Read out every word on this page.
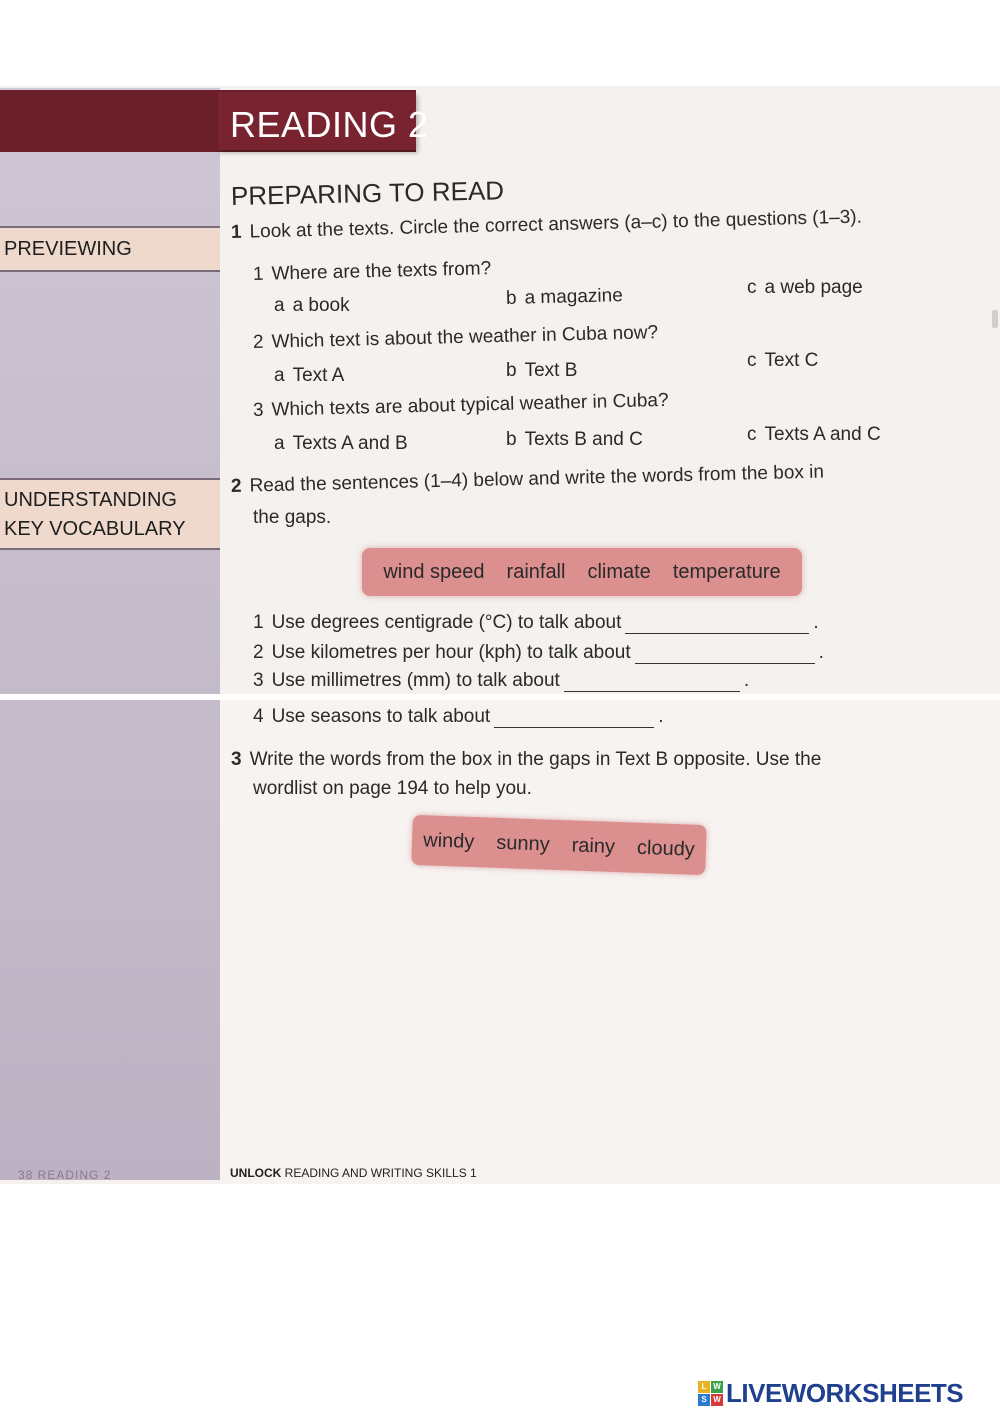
READING 2
PREPARING TO READ
PREVIEWING
UNDERSTANDING
KEY VOCABULARY
1 Look at the texts. Circle the correct answers (a–c) to the questions (1–3).
1 Where are the texts from?
a a book	b a magazine	c a web page
2 Which text is about the weather in Cuba now?
a Text A	b Text B	c Text C
3 Which texts are about typical weather in Cuba?
a Texts A and B	b Texts B and C	c Texts A and C
2 Read the sentences (1–4) below and write the words from the box in
the gaps.
wind speed rainfall climate temperature
1 Use degrees centigrade (°C) to talk about	.
2 Use kilometres per hour (kph) to talk about	.
3 Use millimetres (mm) to talk about	.
4 Use seasons to talk about	.
3 Write the words from the box in the gaps in Text B opposite. Use the
wordlist on page 194 to help you.
windy sunny rainy cloudy
38 READING 2	UNLOCK READING AND WRITING SKILLS 1
L W
S W LIVEWORKSHEETS
